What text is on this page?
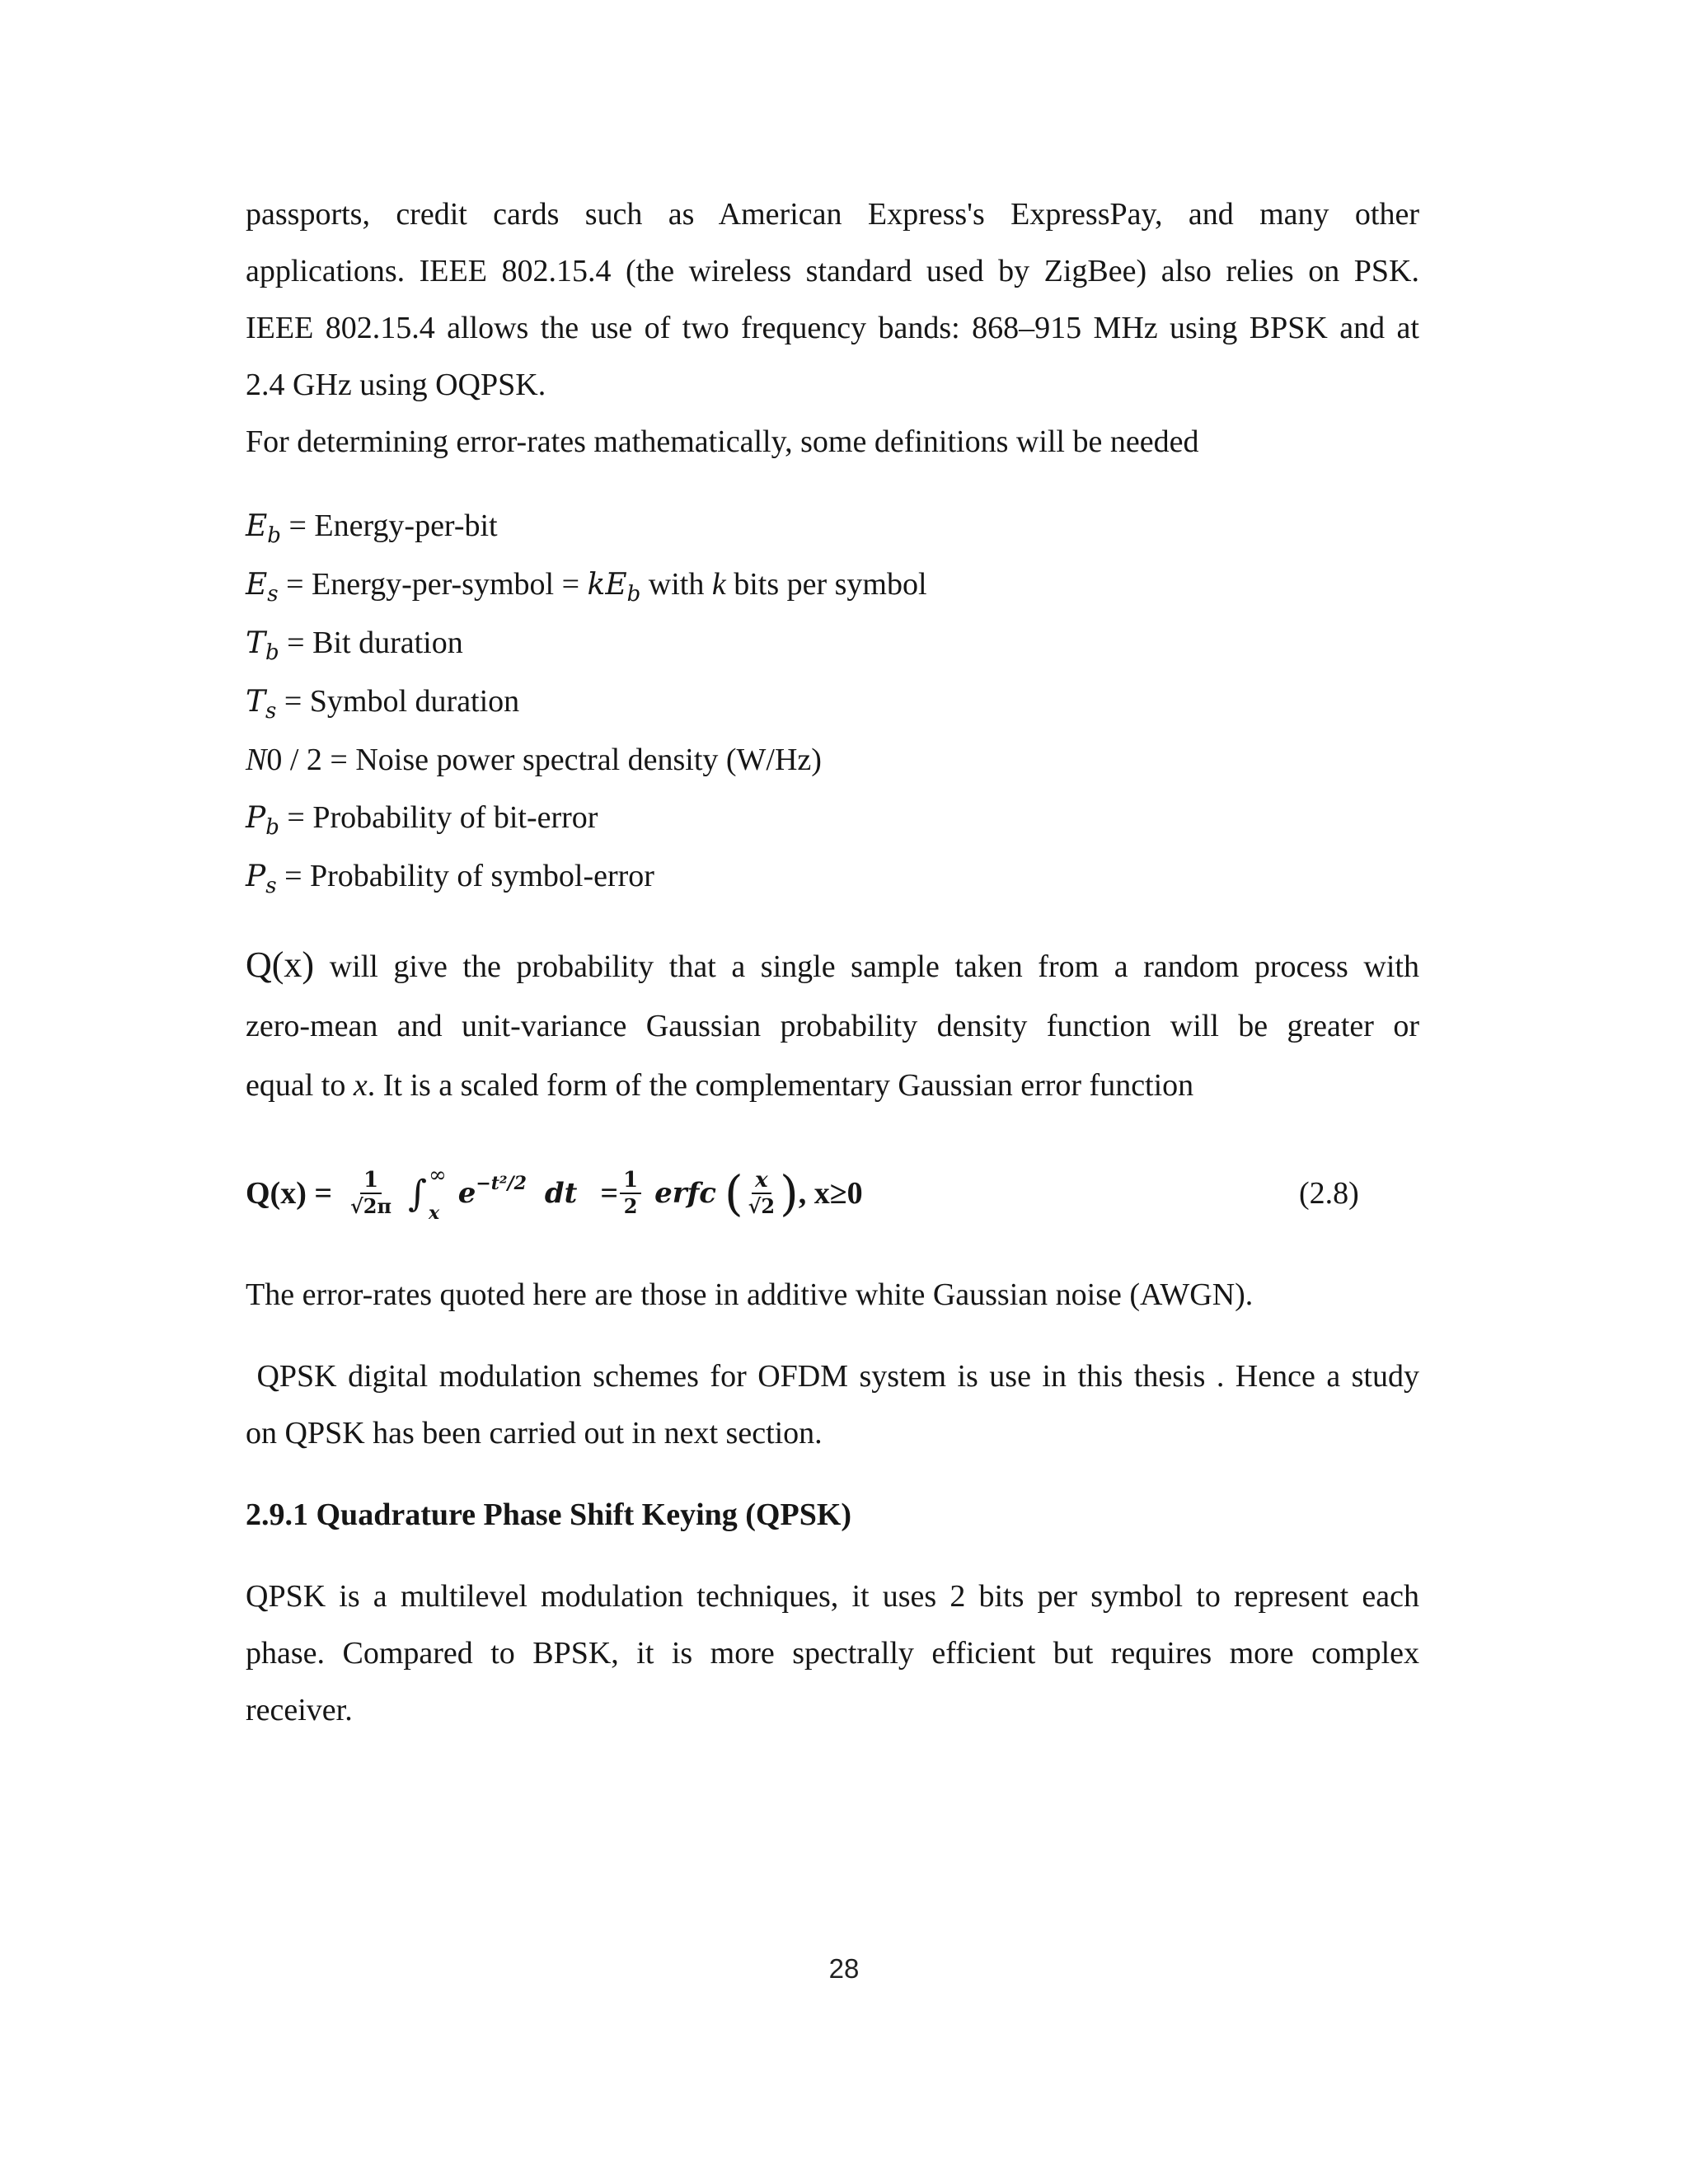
passports, credit cards such as American Express's ExpressPay, and many other
applications. IEEE 802.15.4 (the wireless standard used by ZigBee) also relies on PSK.
IEEE 802.15.4 allows the use of two frequency bands: 868–915 MHz using BPSK and at
2.4 GHz using OQPSK.
For determining error-rates mathematically, some definitions will be needed
$E_b$ = Energy-per-bit
$E_s$ = Energy-per-symbol = $kE_b$ with k bits per symbol
$T_b$ = Bit duration
$T_s$ = Symbol duration
N0 / 2 = Noise power spectral density (W/Hz)
$P_b$ = Probability of bit-error
$P_s$ = Probability of symbol-error
Q(x) will give the probability that a single sample taken from a random process with
zero-mean and unit-variance Gaussian probability density function will be greater or
equal to x. It is a scaled form of the complementary Gaussian error function
$Q(x) = \frac{1}{√2\pi}$ ∫ ∞
x
$e^{-t^2/2}$ dt = $\frac{1}{2}$ erfc ( $\frac{x}{√2}$ ) , x≥0	(2.8)
The error-rates quoted here are those in additive white Gaussian noise (AWGN).
QPSK digital modulation schemes for OFDM system is use in this thesis . Hence a study
on QPSK has been carried out in next section.
2.9.1 Quadrature Phase Shift Keying (QPSK)
QPSK is a multilevel modulation techniques, it uses 2 bits per symbol to represent each
phase. Compared to BPSK, it is more spectrally efficient but requires more complex
receiver.
28
